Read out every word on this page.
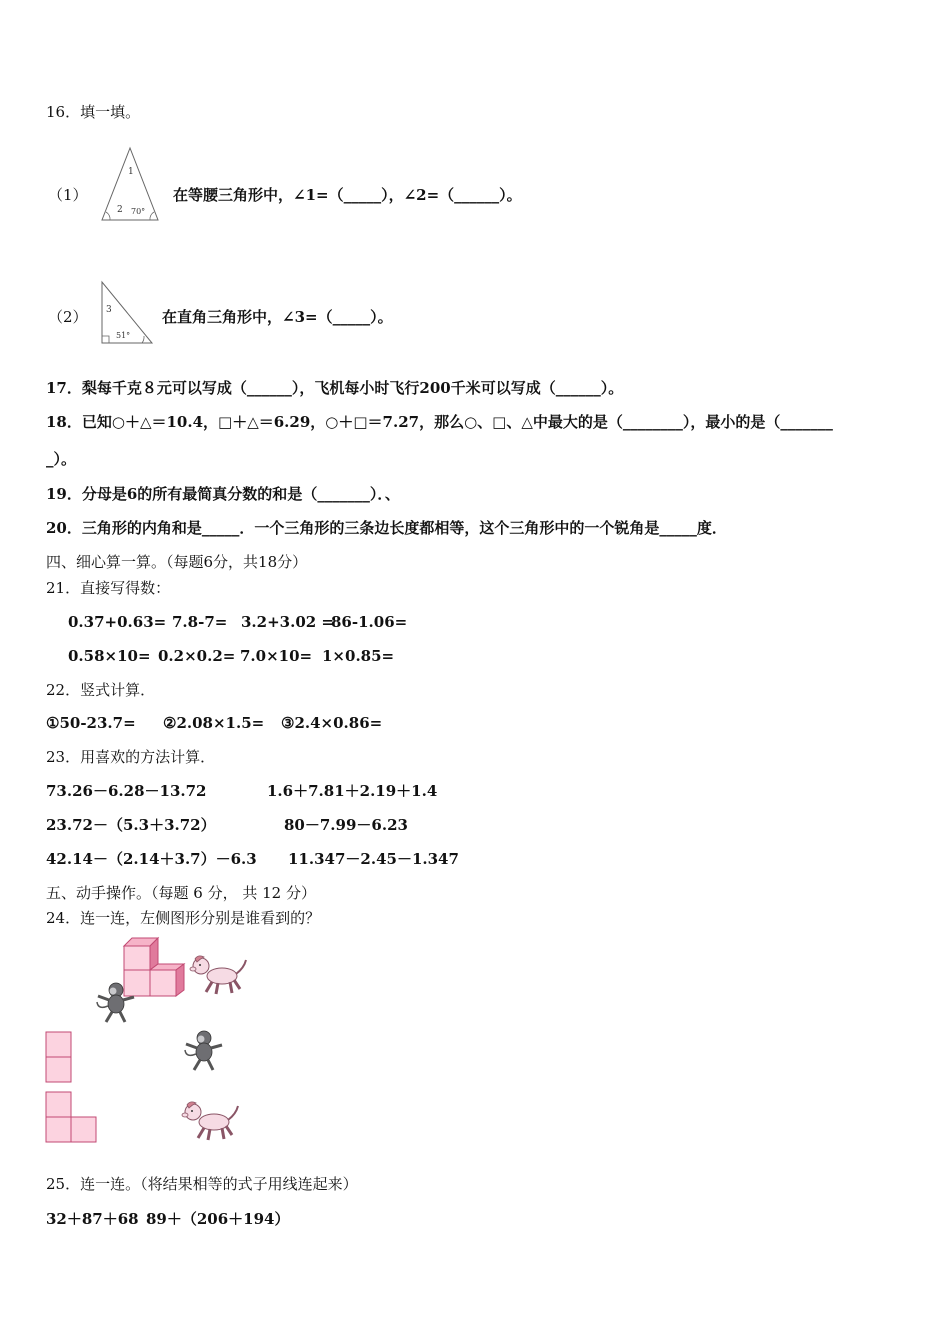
16．填一填。
（1）
1
2 70°
在等腰三角形中，∠1=（_____），∠2=（______）。
（2） 3
51°
在直角三角形中，∠3=（_____）。
17．梨每千克８元可以写成（______），飞机每小时飞行200千米可以写成（______）。
18．已知○＋△＝10.4，□＋△＝6.29，○＋□＝7.27，那么○、□、△中最大的是（________），最小的是（_______
_）。
19．分母是6的所有最简真分数的和是（_______）．、
20．三角形的内角和是_____．一个三角形的三条边长度都相等，这个三角形中的一个锐角是_____度．
四、细心算一算。（每题6分，共18分）
21．直接写得数：
0.37+0.63= 7.8-7= 3.2+3.02 =86-1.06=
0.58×10= 0.2×0.2= 7.0×10= 1×0.85=
22．竖式计算．
①50-23.7= ②2.08×1.5= ③2.4×0.86=
23．用喜欢的方法计算．
73.26－6.28－13.72	1.6＋7.81＋2.19＋1.4
23.72－（5.3＋3.72）	80－7.99－6.23
42.14－（2.14＋3.7）－6.3 11.347－2.45－1.347
五、动手操作。（每题 6 分， 共 12 分）
24．连一连，左侧图形分别是谁看到的？
25．连一连。（将结果相等的式子用线连起来）
32＋87＋68 89＋（206＋194）
